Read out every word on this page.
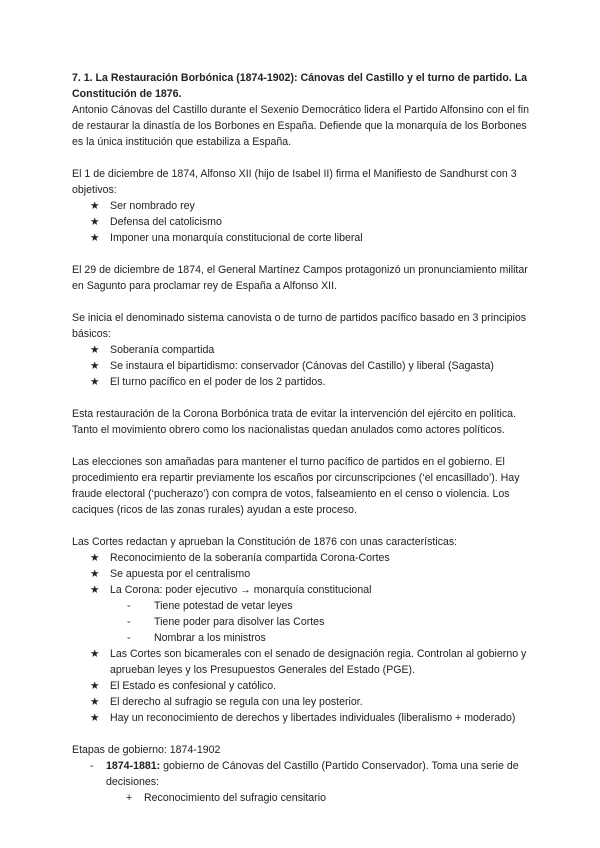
7. 1. La Restauración Borbónica (1874-1902): Cánovas del Castillo y el turno de partido. La Constitución de 1876.

Antonio Cánovas del Castillo durante el Sexenio Democrático lidera el Partido Alfonsino con el fin de restaurar la dinastía de los Borbones en España. Defiende que la monarquía de los Borbones es la única institución que estabiliza a España.

El 1 de diciembre de 1874, Alfonso XII (hijo de Isabel II) firma el Manifiesto de Sandhurst con 3 objetivos:

★ Ser nombrado rey
★ Defensa del catolicismo
★ Imponer una monarquía constitucional de corte liberal

El 29 de diciembre de 1874, el General Martínez Campos protagonizó un pronunciamiento militar en Sagunto para proclamar rey de España a Alfonso XII.

Se inicia el denominado sistema canovista o de turno de partidos pacífico basado en 3 principios básicos:

★ Soberanía compartida
★ Se instaura el bipartidismo: conservador (Cánovas del Castillo) y liberal (Sagasta)
★ El turno pacífico en el poder de los 2 partidos.

Esta restauración de la Corona Borbónica trata de evitar la intervención del ejército en política. Tanto el movimiento obrero como los nacionalistas quedan anulados como actores políticos.

Las elecciones son amañadas para mantener el turno pacífico de partidos en el gobierno. El procedimiento era repartir previamente los escaños por circunscripciones (‘el encasillado’). Hay fraude electoral (‘pucherazo’) con compra de votos, falseamiento en el censo o violencia. Los caciques (ricos de las zonas rurales) ayudan a este proceso.

Las Cortes redactan y aprueban la Constitución de 1876 con unas características:

★ Reconocimiento de la soberanía compartida Corona-Cortes
★ Se apuesta por el centralismo
★ La Corona: poder ejecutivo → monarquía constitucional
- Tiene potestad de vetar leyes
- Tiene poder para disolver las Cortes
- Nombrar a los ministros
★ Las Cortes son bicamerales con el senado de designación regia. Controlan al gobierno y aprueban leyes y los Presupuestos Generales del Estado (PGE).
★ El Estado es confesional y católico.
★ El derecho al sufragio se regula con una ley posterior.
★ Hay un reconocimiento de derechos y libertades individuales (liberalismo + moderado)

Etapas de gobierno: 1874-1902

- 1874-1881: gobierno de Cánovas del Castillo (Partido Conservador). Toma una serie de decisiones:
+ Reconocimiento del sufragio censitario
